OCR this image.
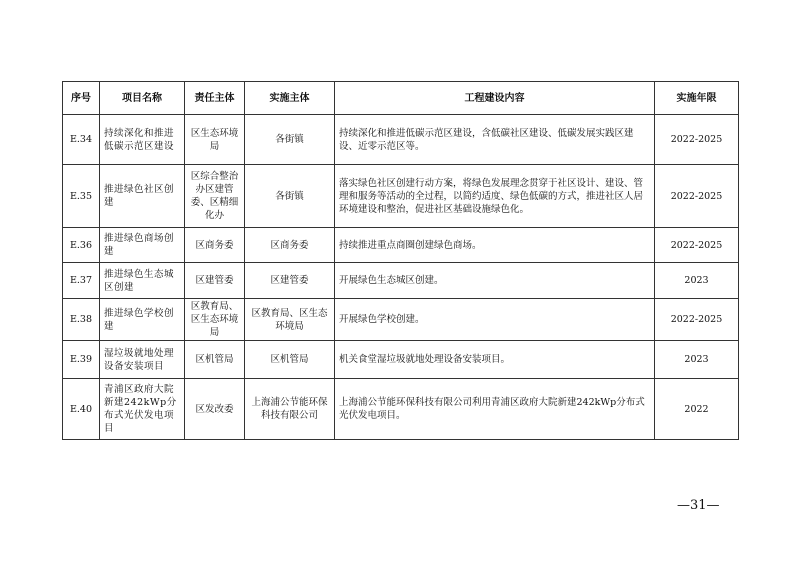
序号	项目名称	责任主体	实施主体	工程建设内容	实施年限
E.34	持续深化和推进低碳示范区建设	区生态环境局	各街镇	持续深化和推进低碳示范区建设，含低碳社区建设、低碳发展实践区建设、近零示范区等。	2022-2025
E.35	推进绿色社区创建	区综合整治办区建管委、区精细化办	各街镇	落实绿色社区创建行动方案，将绿色发展理念贯穿于社区设计、建设、管理和服务等活动的全过程，以简约适度、绿色低碳的方式，推进社区人居环境建设和整治，促进社区基础设施绿色化。	2022-2025
E.36	推进绿色商场创建	区商务委	区商务委	持续推进重点商圈创建绿色商场。	2022-2025
E.37	推进绿色生态城区创建	区建管委	区建管委	开展绿色生态城区创建。	2023
E.38	推进绿色学校创建	区教育局、区生态环境局	区教育局、区生态环境局	开展绿色学校创建。	2022-2025
E.39	湿垃圾就地处理设备安装项目	区机管局	区机管局	机关食堂湿垃圾就地处理设备安装项目。	2023
E.40	青浦区政府大院新建242kWp分布式光伏发电项目	区发改委	上海浦公节能环保科技有限公司	上海浦公节能环保科技有限公司利用青浦区政府大院新建242kWp分布式光伏发电项目。	2022
—31—
